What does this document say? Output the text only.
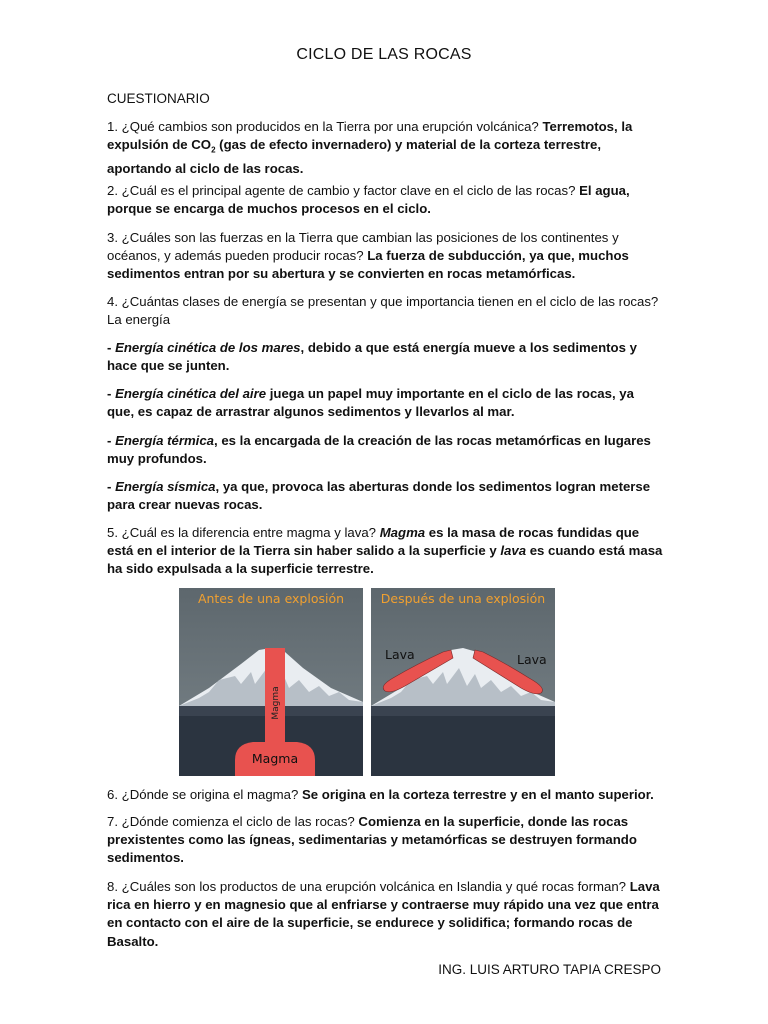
CICLO DE LAS ROCAS
CUESTIONARIO
1. ¿Qué cambios son producidos en la Tierra por una erupción volcánica? Terremotos, la expulsión de $CO_2$ (gas de efecto invernadero) y material de la corteza terrestre, aportando al ciclo de las rocas.
2. ¿Cuál es el principal agente de cambio y factor clave en el ciclo de las rocas? El agua, porque se encarga de muchos procesos en el ciclo.
3. ¿Cuáles son las fuerzas en la Tierra que cambian las posiciones de los continentes y océanos, y además pueden producir rocas? La fuerza de subducción, ya que, muchos sedimentos entran por su abertura y se convierten en rocas metamórficas.
4. ¿Cuántas clases de energía se presentan y que importancia tienen en el ciclo de las rocas? La energía
- Energía cinética de los mares, debido a que está energía mueve a los sedimentos y hace que se junten.
- Energía cinética del aire juega un papel muy importante en el ciclo de las rocas, ya que, es capaz de arrastrar algunos sedimentos y llevarlos al mar.
- Energía térmica, es la encargada de la creación de las rocas metamórficas en lugares muy profundos.
- Energía sísmica, ya que, provoca las aberturas donde los sedimentos logran meterse para crear nuevas rocas.
5. ¿Cuál es la diferencia entre magma y lava? Magma es la masa de rocas fundidas que está en el interior de la Tierra sin haber salido a la superficie y lava es cuando está masa ha sido expulsada a la superficie terrestre.
Antes de una explosión
Magma
Magma
Después de una explosión
Lava	Lava
6. ¿Dónde se origina el magma? Se origina en la corteza terrestre y en el manto superior.
7. ¿Dónde comienza el ciclo de las rocas? Comienza en la superficie, donde las rocas prexistentes como las ígneas, sedimentarias y metamórficas se destruyen formando sedimentos.
8. ¿Cuáles son los productos de una erupción volcánica en Islandia y qué rocas forman? Lava rica en hierro y en magnesio que al enfriarse y contraerse muy rápido una vez que entra en contacto con el aire de la superficie, se endurece y solidifica; formando rocas de Basalto.
ING. LUIS ARTURO TAPIA CRESPO
